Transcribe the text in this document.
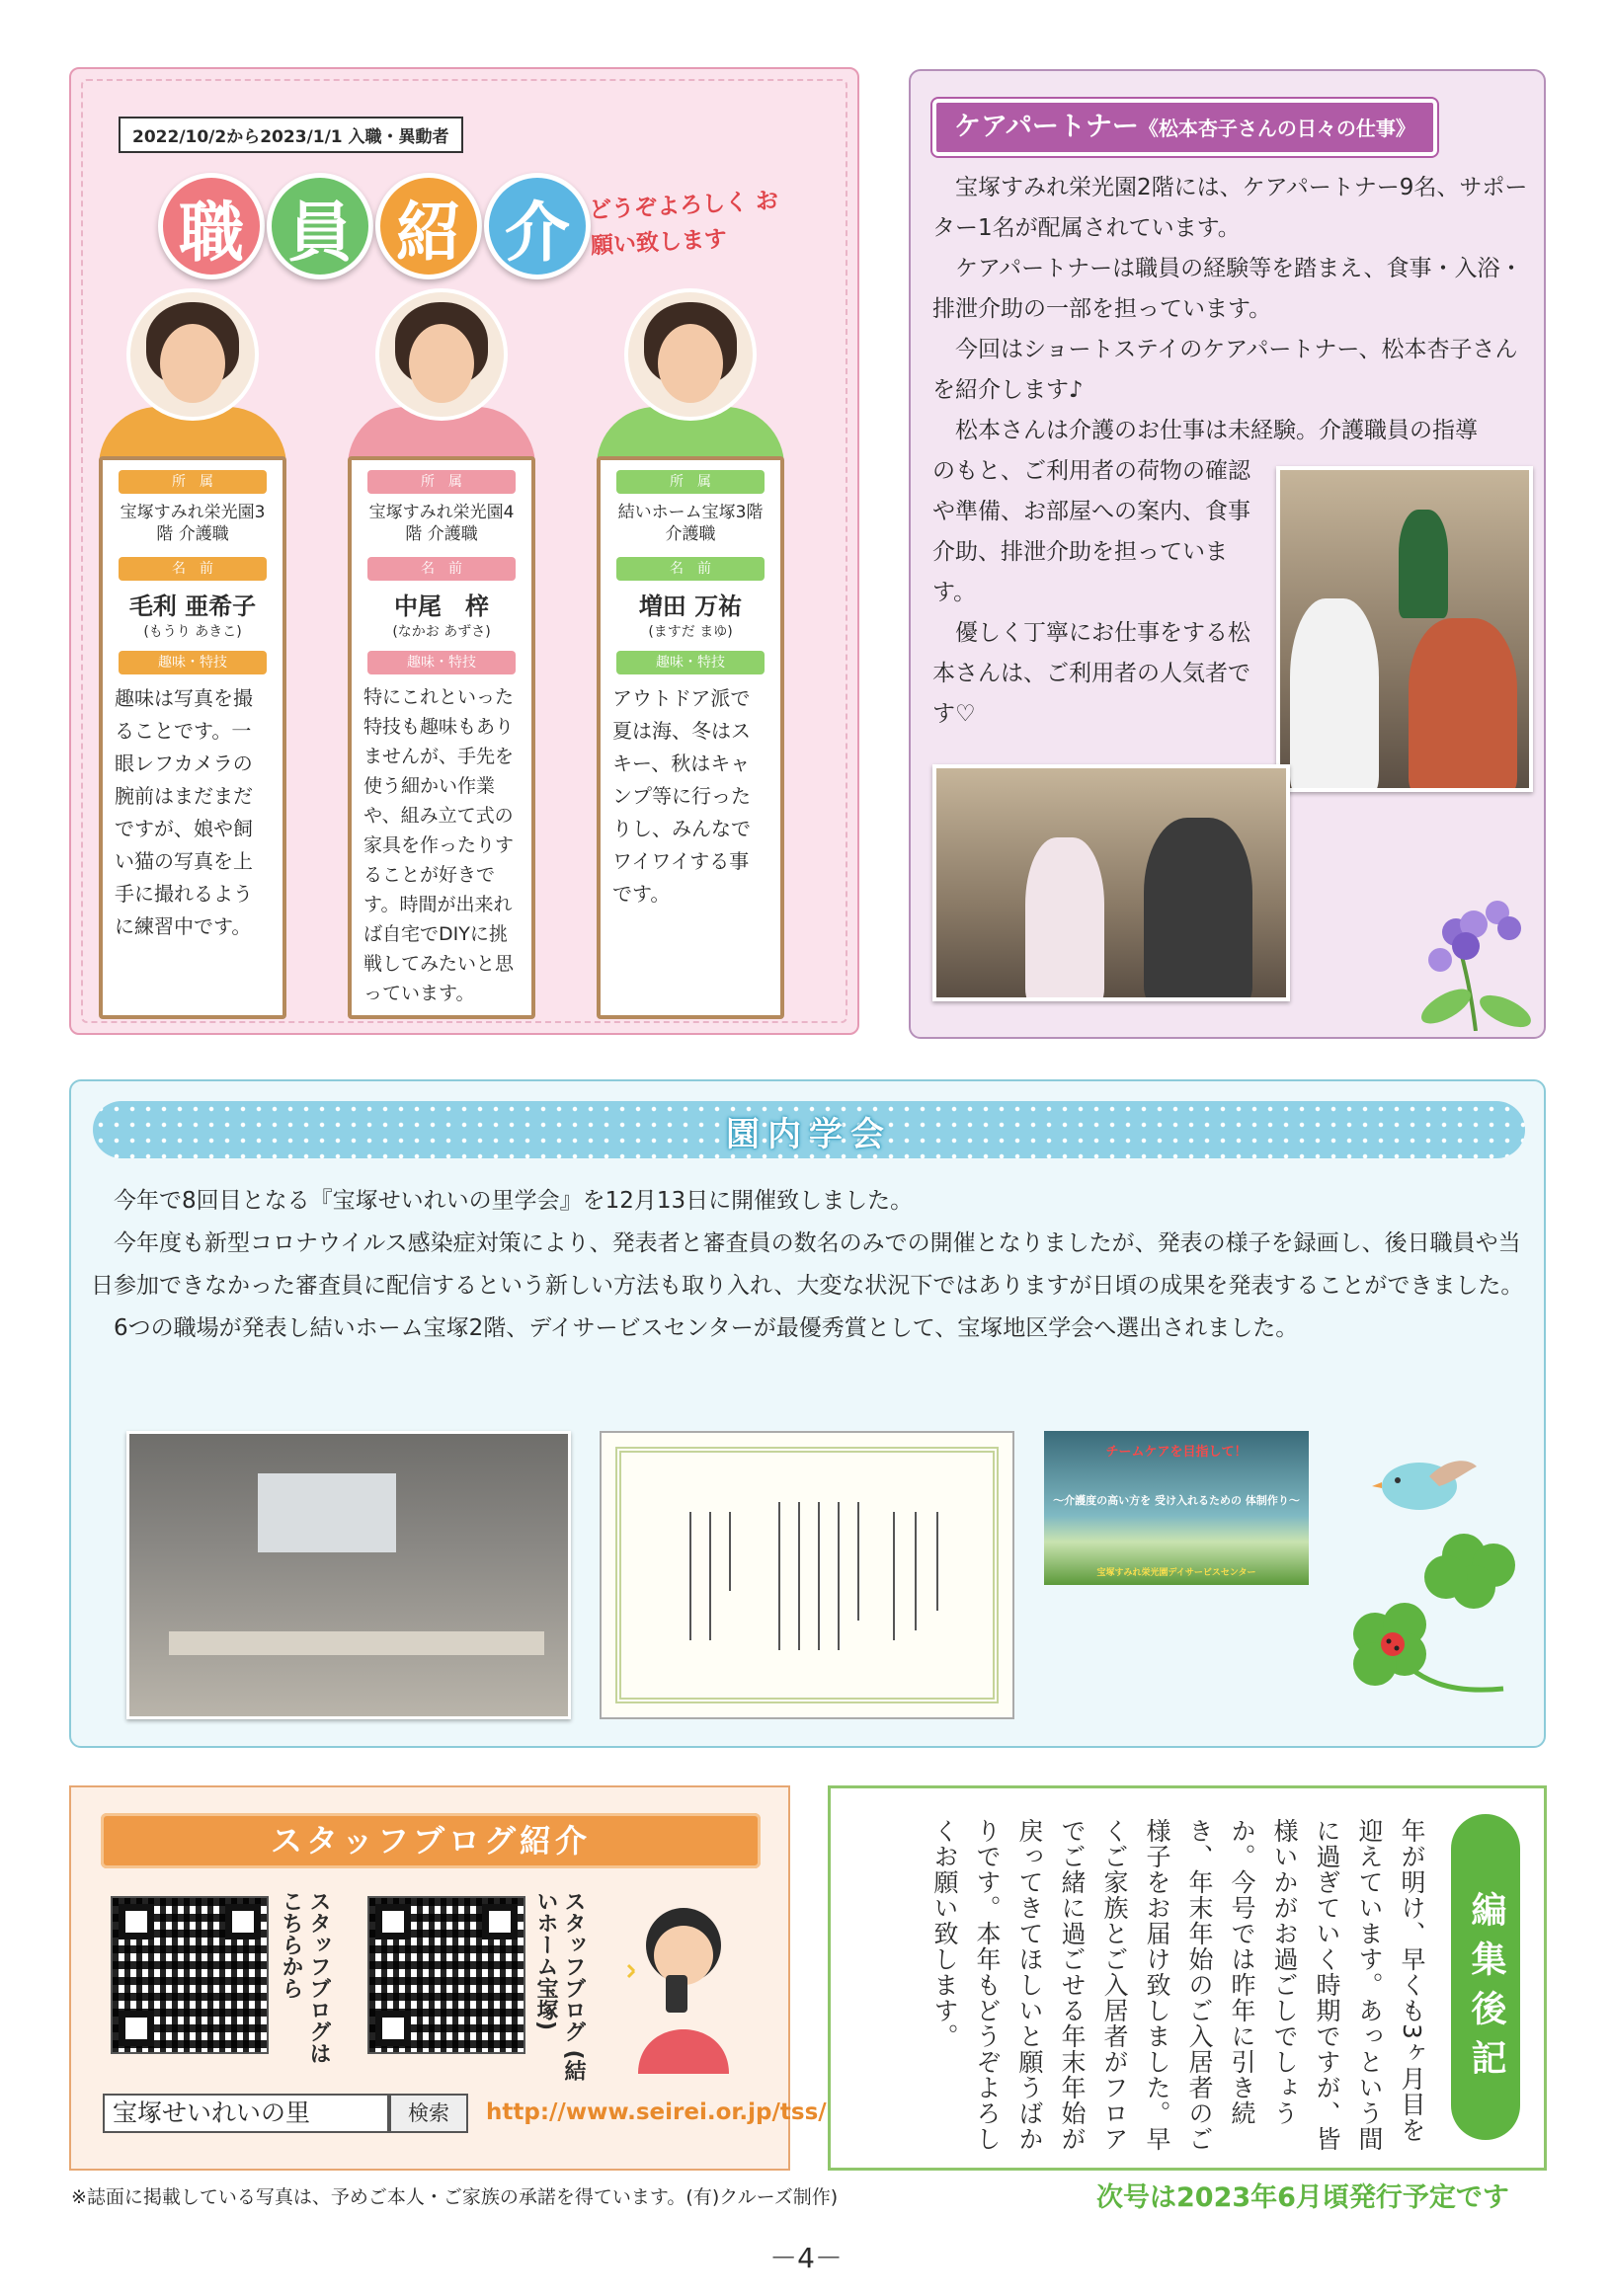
2022/10/2から2023/1/1 入職・異動者
職 員 紹 介 どうぞよろしく お願い致します
所　属
宝塚すみれ栄光園3階 介護職
名　前
毛利 亜希子
(もうり あきこ)
趣味・特技
趣味は写真を撮ることです。一眼レフカメラの腕前はまだまだですが、娘や飼い猫の写真を上手に撮れるように練習中です。
所　属
宝塚すみれ栄光園4階 介護職
名　前
中尾　梓
(なかお あずさ)
趣味・特技
特にこれといった特技も趣味もありませんが、手先を使う細かい作業や、組み立て式の家具を作ったりすることが好きです。時間が出来れば自宅でDIYに挑戦してみたいと思っています。
所　属
結いホーム宝塚3階 介護職
名　前
増田 万祐
(ますだ まゆ)
趣味・特技
アウトドア派で夏は海、冬はスキー、秋はキャンプ等に行ったりし、みんなでワイワイする事です。
ケアパートナー《松本杏子さんの日々の仕事》

宝塚すみれ栄光園2階には、ケアパートナー9名、サポーター1名が配属されています。

ケアパートナーは職員の経験等を踏まえ、食事・入浴・排泄介助の一部を担っています。

今回はショートステイのケアパートナー、松本杏子さんを紹介します♪

松本さんは介護のお仕事は未経験。介護職員の指導

のもと、ご利用者の荷物の確認や準備、お部屋への案内、食事介助、排泄介助を担っています。

優しく丁寧にお仕事をする松本さんは、ご利用者の人気者です♡

園内学会

今年で8回目となる『宝塚せいれいの里学会』を12月13日に開催致しました。

今年度も新型コロナウイルス感染症対策により、発表者と審査員の数名のみでの開催となりましたが、発表の様子を録画し、後日職員や当日参加できなかった審査員に配信するという新しい方法も取り入れ、大変な状況下ではありますが日頃の成果を発表することができました。

6つの職場が発表し結いホーム宝塚2階、デイサービスセンターが最優秀賞として、宝塚地区学会へ選出されました。

チームケアを目指して！
～介護度の高い方を 受け入れるための 体制作り～
宝塚すみれ栄光園デイサービスセンター
スタッフブログ紹介
スタッフブログは こちらから	スタッフブログ (結いホーム宝塚)
宝塚せいれいの里	検索	http://www.seirei.or.jp/tss/
編集後記
年が明け、早くも3ヶ月目を迎えています。あっという間に過ぎていく時期ですが、皆様いかがお過ごしでしょうか。今号では昨年に引き続き、年末年始のご入居者のご様子をお届け致しました。早くご家族とご入居者がフロアでご緒に過ごせる年末年始が戻ってきてほしいと願うばかりです。本年もどうぞよろしくお願い致します。
※誌面に掲載している写真は、予めご本人・ご家族の承諾を得ています。(有)クルーズ制作)	次号は2023年6月頃発行予定です
－4－
